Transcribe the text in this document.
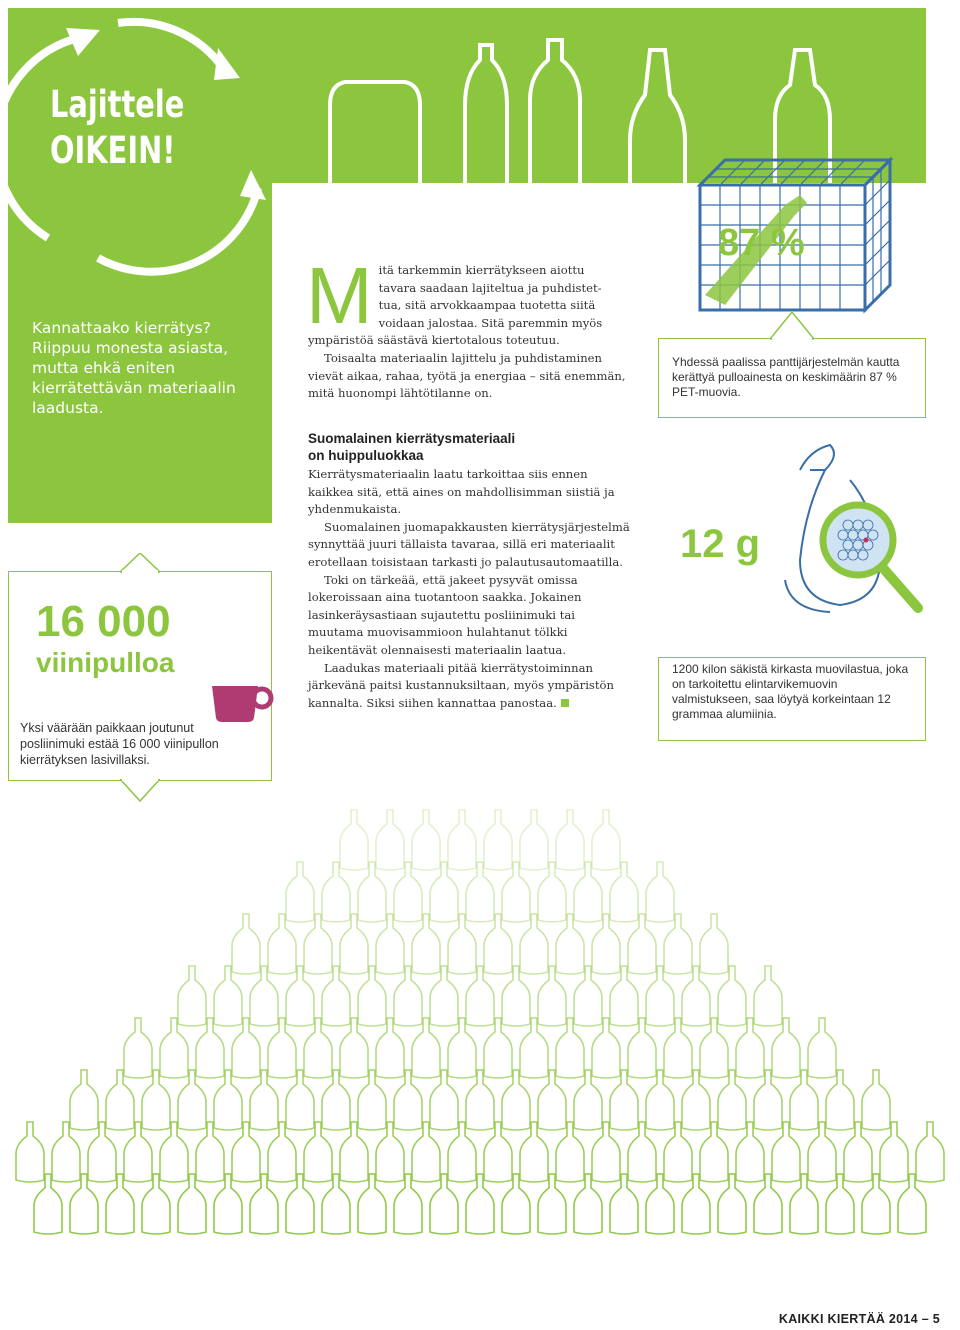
Lajittele
OIKEIN!
Kannattaako kierrätys? Riippuu monesta asiasta, mutta ehkä eniten kierrätettävän materiaalin laadusta.
16 000
viinipulloa
Yksi väärään paikkaan joutunut posliinimuki estää 16 000 viinipullon kierrätyksen lasivillaksi.
M itä tarkemmin kierrätykseen aiottu
tavara saadaan lajiteltua ja puhdistet-
tua, sitä arvokkaampaa tuotetta siitä
voidaan jalostaa. Sitä paremmin myös
ympäristöä säästävä kiertotalous toteutuu.

Toisaalta materiaalin lajittelu ja puhdistaminen vievät aikaa, rahaa, työtä ja energiaa – sitä enemmän, mitä huonompi lähtötilanne on.

Suomalainen kierrätysmateriaali
on huippuluokkaa

Kierrätysmateriaalin laatu tarkoittaa siis ennen kaikkea sitä, että aines on mahdollisimman siistiä ja yhdenmukaista.

Suomalainen juomapakkausten kierrätysjärjestelmä synnyttää juuri tällaista tavaraa, sillä eri materiaalit erotellaan toisistaan tarkasti jo palautusautomaatilla.

Toki on tärkeää, että jakeet pysyvät omissa lokeroissaan aina tuotantoon saakka. Jokainen lasinkeräysastiaan sujautettu posliinimuki tai muutama muovisammioon hulahtanut tölkki heikentävät olennaisesti materiaalin laatua.

Laadukas materiaali pitää kierrätystoiminnan järkevänä paitsi kustannuksiltaan, myös ympäristön kannalta. Siksi siihen kannattaa panostaa.

87 %
Yhdessä paalissa panttijärjestelmän kautta kerättyä pulloainesta on keskimäärin 87 % PET-muovia.
12 g
1200 kilon säkistä kirkasta muovilastua, joka on tarkoitettu elintarvikemuovin valmistukseen, saa löytyä korkeintaan 12 grammaa alumiinia.
KAIKKI KIERTÄÄ 2014 – 5
